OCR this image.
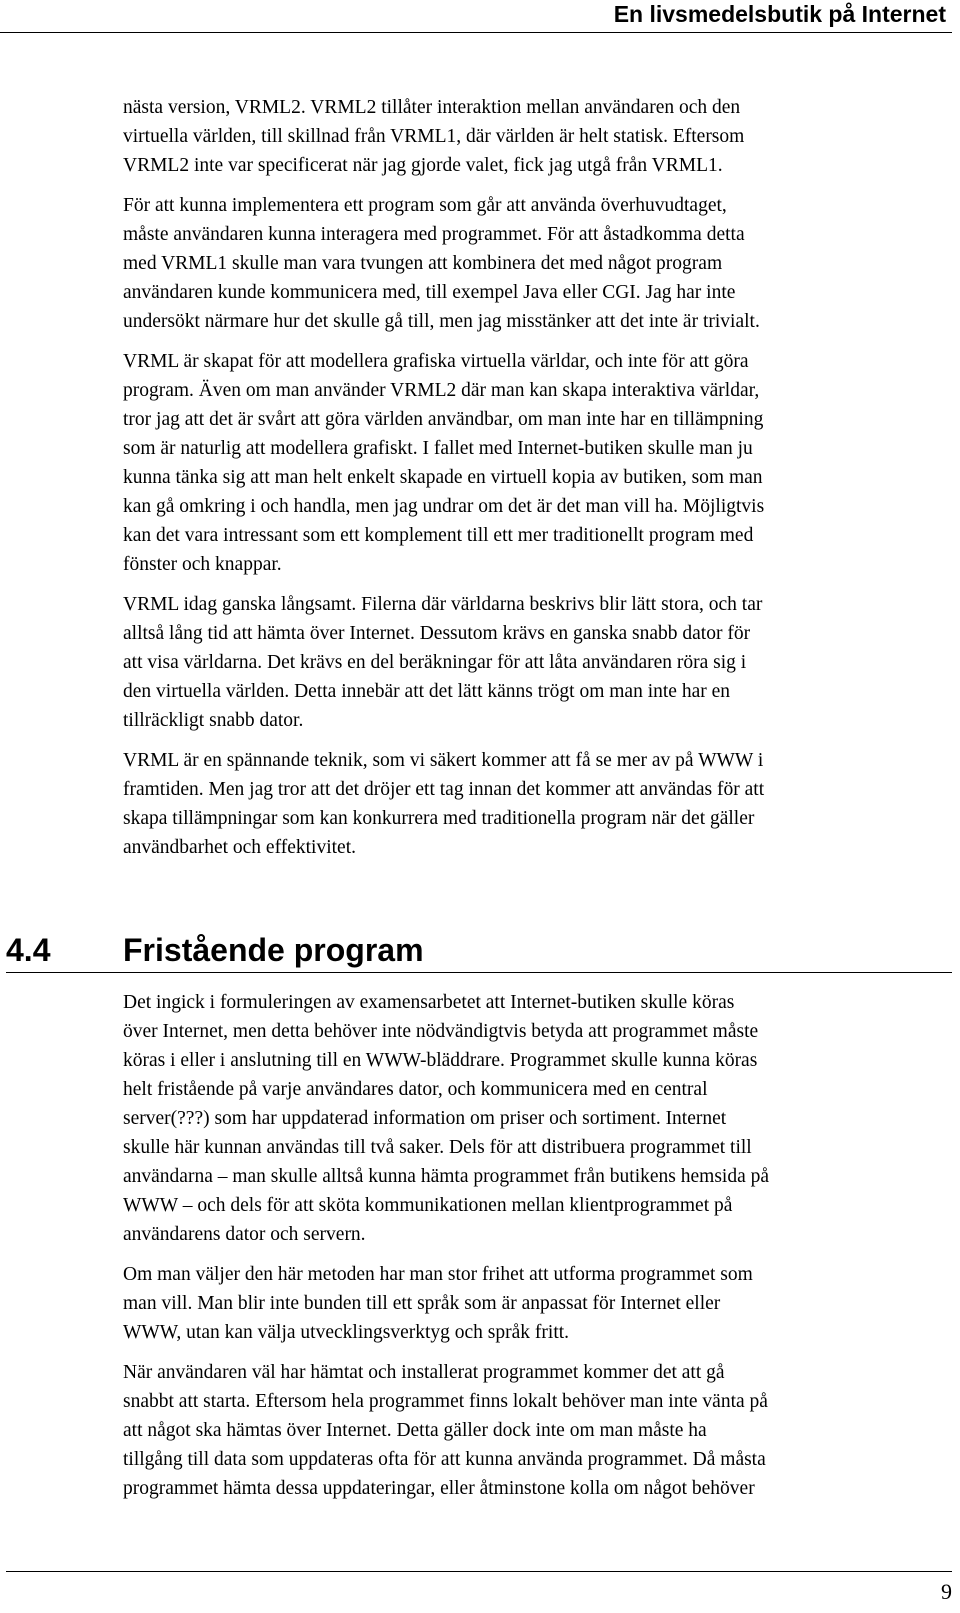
En livsmedelsbutik på Internet

nästa version, VRML2. VRML2 tillåter interaktion mellan användaren och den
virtuella världen, till skillnad från VRML1, där världen är helt statisk. Eftersom
VRML2 inte var specificerat när jag gjorde valet, fick jag utgå från VRML1.

För att kunna implementera ett program som går att använda överhuvudtaget,
måste användaren kunna interagera med programmet. För att åstadkomma detta
med VRML1 skulle man vara tvungen att kombinera det med något program
användaren kunde kommunicera med, till exempel Java eller CGI. Jag har inte
undersökt närmare hur det skulle gå till, men jag misstänker att det inte är trivialt.

VRML är skapat för att modellera grafiska virtuella världar, och inte för att göra
program. Även om man använder VRML2 där man kan skapa interaktiva världar,
tror jag att det är svårt att göra världen användbar, om man inte har en tillämpning
som är naturlig att modellera grafiskt. I fallet med Internet-butiken skulle man ju
kunna tänka sig att man helt enkelt skapade en virtuell kopia av butiken, som man
kan gå omkring i och handla, men jag undrar om det är det man vill ha. Möjligtvis
kan det vara intressant som ett komplement till ett mer traditionellt program med
fönster och knappar.

VRML idag ganska långsamt. Filerna där världarna beskrivs blir lätt stora, och tar
alltså lång tid att hämta över Internet. Dessutom krävs en ganska snabb dator för
att visa världarna. Det krävs en del beräkningar för att låta användaren röra sig i
den virtuella världen. Detta innebär att det lätt känns trögt om man inte har en
tillräckligt snabb dator.

VRML är en spännande teknik, som vi säkert kommer att få se mer av på WWW i
framtiden. Men jag tror att det dröjer ett tag innan det kommer att användas för att
skapa tillämpningar som kan konkurrera med traditionella program när det gäller
användbarhet och effektivitet.

4.4 Fristående program

Det ingick i formuleringen av examensarbetet att Internet-butiken skulle köras
över Internet, men detta behöver inte nödvändigtvis betyda att programmet måste
köras i eller i anslutning till en WWW-bläddrare. Programmet skulle kunna köras
helt fristående på varje användares dator, och kommunicera med en central
server(???) som har uppdaterad information om priser och sortiment. Internet
skulle här kunnan användas till två saker. Dels för att distribuera programmet till
användarna – man skulle alltså kunna hämta programmet från butikens hemsida på
WWW – och dels för att sköta kommunikationen mellan klientprogrammet på
användarens dator och servern.

Om man väljer den här metoden har man stor frihet att utforma programmet som
man vill. Man blir inte bunden till ett språk som är anpassat för Internet eller
WWW, utan kan välja utvecklingsverktyg och språk fritt.

När användaren väl har hämtat och installerat programmet kommer det att gå
snabbt att starta. Eftersom hela programmet finns lokalt behöver man inte vänta på
att något ska hämtas över Internet. Detta gäller dock inte om man måste ha
tillgång till data som uppdateras ofta för att kunna använda programmet. Då måsta
programmet hämta dessa uppdateringar, eller åtminstone kolla om något behöver

9
